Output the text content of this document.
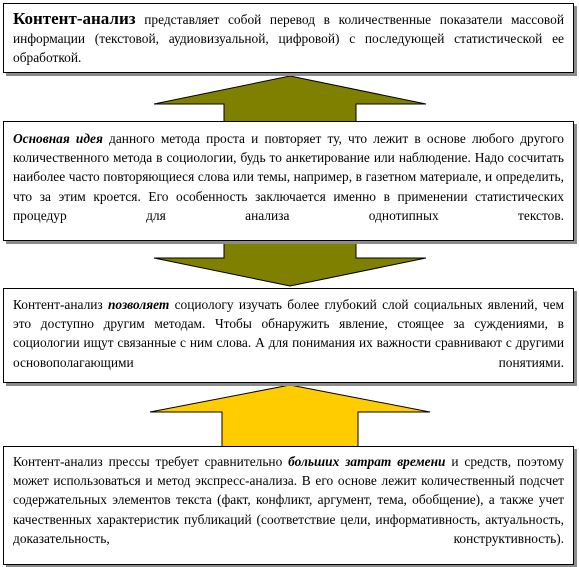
Контент-анализ представляет собой перевод в количественные показатели массовой информации (текстовой, аудиовизуальной, цифровой) с последующей статистической ее обработкой.

Основная идея данного метода проста и повторяет ту, что лежит в основе любого другого количественного метода в социологии, будь то анкетирование или наблюдение. Надо сосчитать наиболее часто повторяющиеся слова или темы, например, в газетном материале, и определить, что за этим кроется. Его особенность заключается именно в применении статистических процедур для анализа однотипных текстов.

Контент-анализ позволяет социологу изучать более глубокий слой социальных явлений, чем это доступно другим методам. Чтобы обнаружить явление, стоящее за суждениями, в социологии ищут связанные с ним слова. А для понимания их важности сравнивают с другими основополагающими понятиями.

Контент-анализ прессы требует сравнительно больших затрат времени и средств, поэтому может использоваться и метод экспресс-анализа. В его основе лежит количественный подсчет содержательных элементов текста (факт, конфликт, аргумент, тема, обобщение), а также учет качественных характеристик публикаций (соответствие цели, информативность, актуальность, доказательность, конструктивность).
